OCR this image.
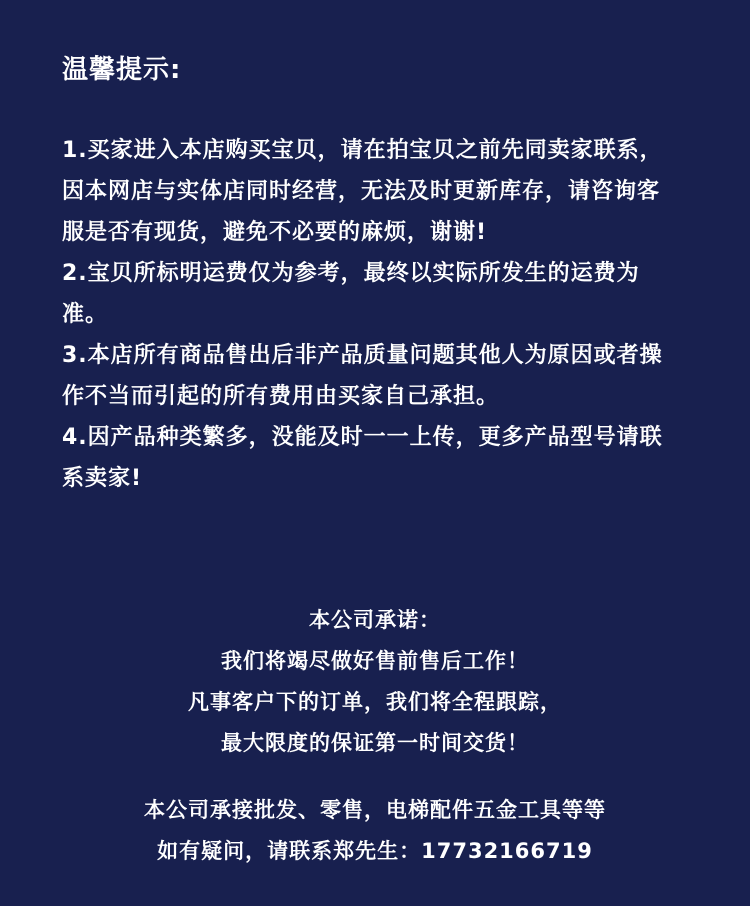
温馨提示:
1.买家进入本店购买宝贝，请在拍宝贝之前先同卖家联系，因本网店与实体店同时经营，无法及时更新库存，请咨询客服是否有现货，避免不必要的麻烦，谢谢!
2.宝贝所标明运费仅为参考，最终以实际所发生的运费为准。
3.本店所有商品售出后非产品质量问题其他人为原因或者操作不当而引起的所有费用由买家自己承担。
4.因产品种类繁多，没能及时一一上传，更多产品型号请联系卖家!
本公司承诺：
我们将竭尽做好售前售后工作！
凡事客户下的订单，我们将全程跟踪，
最大限度的保证第一时间交货！
本公司承接批发、零售，电梯配件五金工具等等
如有疑问，请联系郑先生：17732166719
